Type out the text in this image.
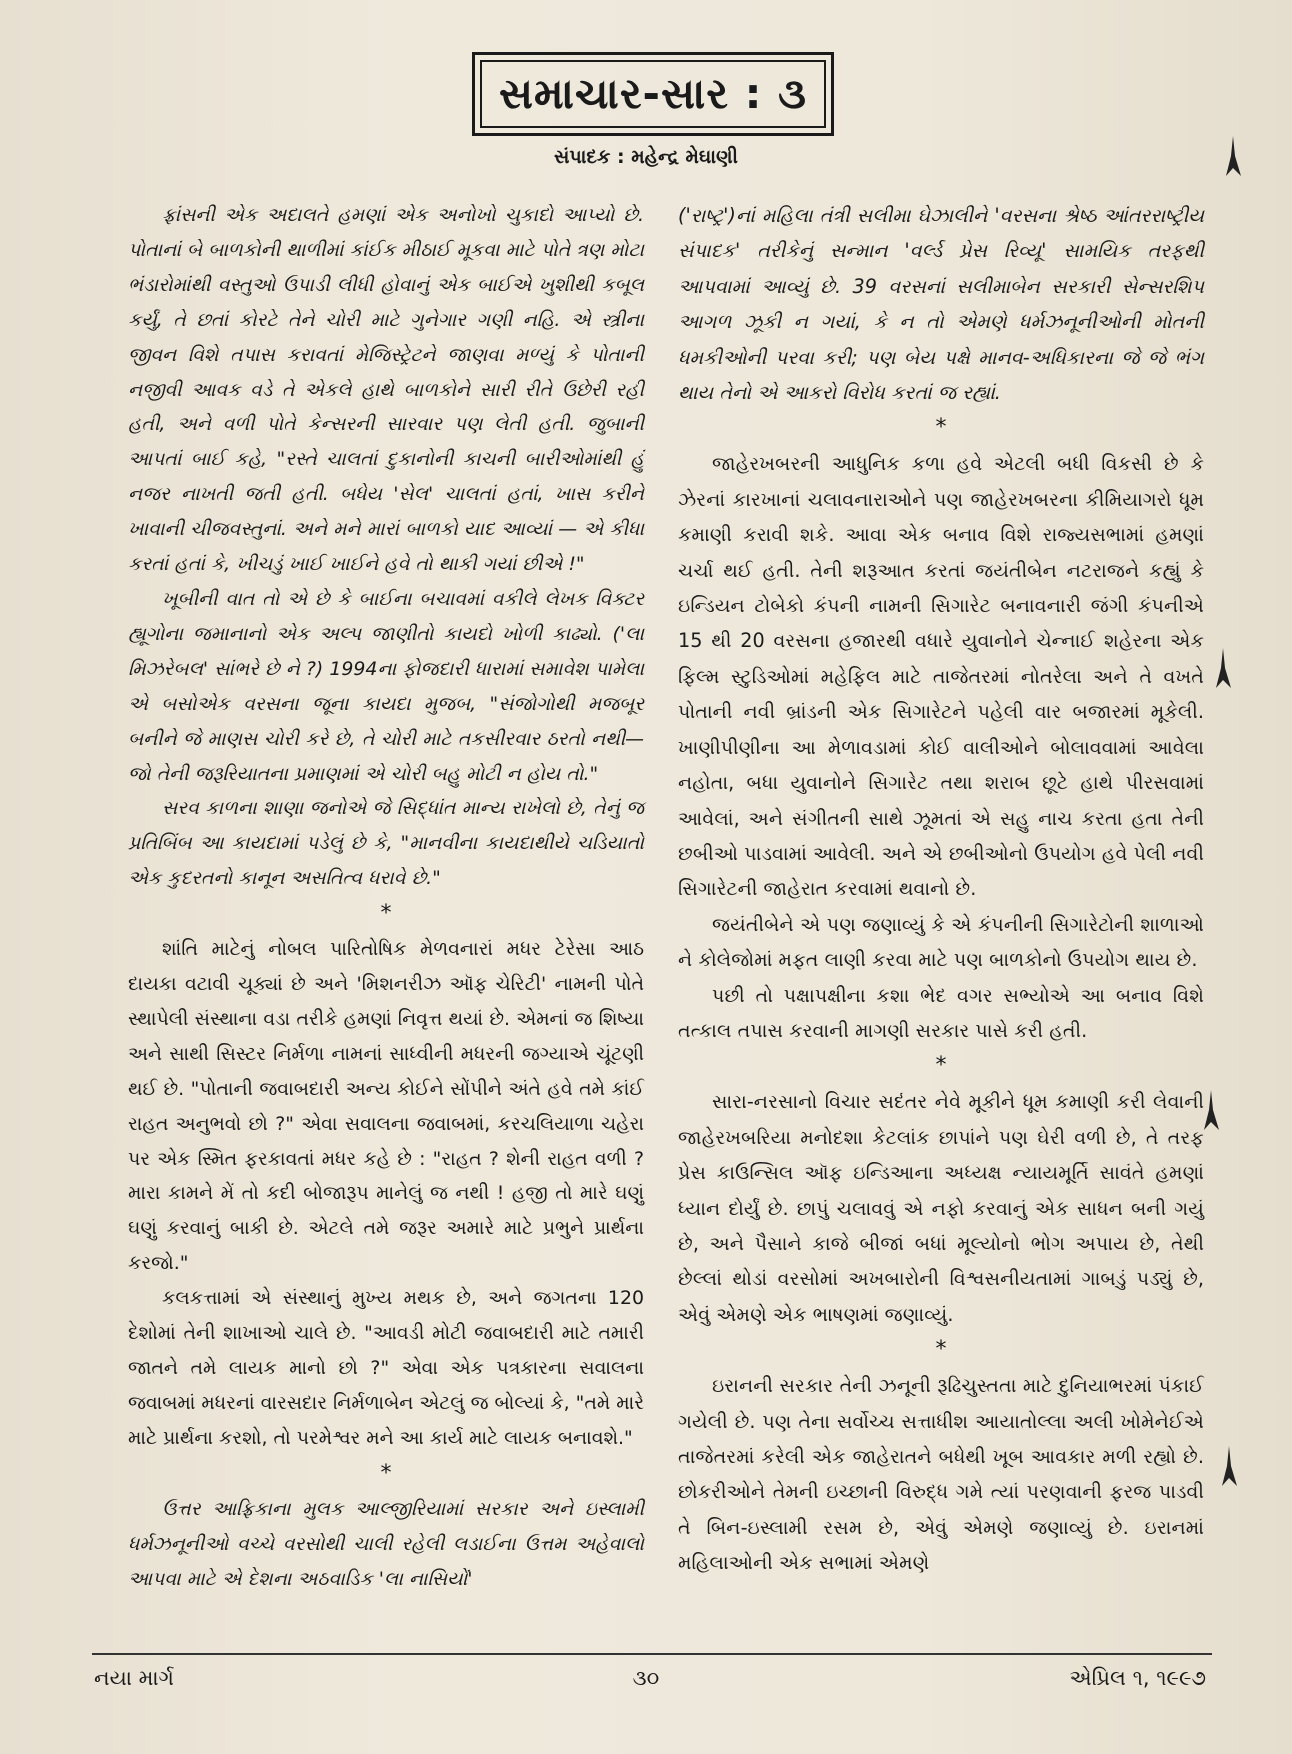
સમાચાર-સાર : ૩
સંપાદક : મહેન્દ્ર મેઘાણી

ફ્રાંસની એક અદાલતે હમણાં એક અનોખો ચુકાદો આપ્યો છે. પોતાનાં બે બાળકોની થાળીમાં કાંઈક મીઠાઈ મૂકવા માટે પોતે ત્રણ મોટા ભંડારોમાંથી વસ્તુઓ ઉપાડી લીધી હોવાનું એક બાઈએ ખુશીથી કબૂલ કર્યું, તે છતાં કોરટે તેને ચોરી માટે ગુનેગાર ગણી નહિ. એ સ્ત્રીના જીવન વિશે તપાસ કરાવતાં મેજિસ્ટ્રેટને જાણવા મળ્યું કે પોતાની નજીવી આવક વડે તે એકલે હાથે બાળકોને સારી રીતે ઉછેરી રહી હતી, અને વળી પોતે કેન્સરની સારવાર પણ લેતી હતી. જુબાની આપતાં બાઈ કહે, "રસ્તે ચાલતાં દુકાનોની કાચની બારીઓમાંથી હું નજર નાખતી જતી હતી. બધેય 'સેલ' ચાલતાં હતાં, ખાસ કરીને ખાવાની ચીજવસ્તુનાં. અને મને મારાં બાળકો યાદ આવ્યાં — એ કીધા કરતાં હતાં કે, ખીચડું ખાઈ ખાઈને હવે તો થાકી ગયાં છીએ !"

ખૂબીની વાત તો એ છે કે બાઈના બચાવમાં વકીલે લેખક વિક્ટર હ્યૂગોના જમાનાનો એક અલ્પ જાણીતો કાયદો ખોળી કાઢ્યો. ('લા મિઝરેબલ' સાંભરે છે ને ?) 1994ના ફોજદારી ધારામાં સમાવેશ પામેલા એ બસોએક વરસના જૂના કાયદા મુજબ, "સંજોગોથી મજબૂર બનીને જે માણસ ચોરી કરે છે, તે ચોરી માટે તકસીરવાર ઠરતો નથી— જો તેની જરૂરિયાતના પ્રમાણમાં એ ચોરી બહુ મોટી ન હોય તો."

સરવ કાળના શાણા જનોએ જે સિદ્ધાંત માન્ય રાખેલો છે, તેનું જ પ્રતિબિંબ આ કાયદામાં પડેલું છે કે, "માનવીના કાયદાથીયે ચડિયાતો એક કુદરતનો કાનૂન અસતિત્વ ધરાવે છે."

*

શાંતિ માટેનું નોબલ પારિતોષિક મેળવનારાં મધર ટેરેસા આઠ દાયકા વટાવી ચૂક્યાં છે અને 'મિશનરીઝ ઑફ ચેરિટી' નામની પોતે સ્થાપેલી સંસ્થાના વડા તરીકે હમણાં નિવૃત્ત થયાં છે. એમનાં જ શિષ્યા અને સાથી સિસ્ટર નિર્મળા નામનાં સાધ્વીની મધરની જગ્યાએ ચૂંટણી થઈ છે. "પોતાની જવાબદારી અન્ય કોઈને સોંપીને અંતે હવે તમે કાંઈ રાહત અનુભવો છો ?" એવા સવાલના જવાબમાં, કરચલિયાળા ચહેરા પર એક સ્મિત ફરકાવતાં મધર કહે છે : "રાહત ? શેની રાહત વળી ? મારા કામને મેં તો કદી બોજારૂપ માનેલું જ નથી ! હજી તો મારે ઘણું ઘણું કરવાનું બાકી છે. એટલે તમે જરૂર અમારે માટે પ્રભુને પ્રાર્થના કરજો."

કલકત્તામાં એ સંસ્થાનું મુખ્ય મથક છે, અને જગતના 120 દેશોમાં તેની શાખાઓ ચાલે છે. "આવડી મોટી જવાબદારી માટે તમારી જાતને તમે લાયક માનો છો ?" એવા એક પત્રકારના સવાલના જવાબમાં મધરનાં વારસદાર નિર્મળાબેન એટલું જ બોલ્યાં કે, "તમે મારે માટે પ્રાર્થના કરશો, તો પરમેશ્વર મને આ કાર્ય માટે લાયક બનાવશે."

*

ઉત્તર આફ્રિકાના મુલક આલ્જીરિયામાં સરકાર અને ઇસ્લામી ધર્મઝનૂનીઓ વચ્ચે વરસોથી ચાલી રહેલી લડાઈના ઉત્તમ અહેવાલો આપવા માટે એ દેશના અઠવાડિક 'લા નાસિયોં'

('રાષ્ટ્ર')નાં મહિલા તંત્રી સલીમા ઘેઝાલીને 'વરસના શ્રેષ્ઠ આંતરરાષ્ટ્રીય સંપાદક' તરીકેનું સન્માન 'વર્લ્ડ પ્રેસ રિવ્યૂ' સામયિક તરફથી આપવામાં આવ્યું છે. 39 વરસનાં સલીમાબેન સરકારી સેન્સરશિપ આગળ ઝૂકી ન ગયાં, કે ન તો એમણે ધર્મઝનૂનીઓની મોતની ધમકીઓની પરવા કરી; પણ બેય પક્ષે માનવ-અધિકારના જે જે ભંગ થાય તેનો એ આકરો વિરોધ કરતાં જ રહ્યાં.

*

જાહેરખબરની આધુનિક કળા હવે એટલી બધી વિકસી છે કે ઝેરનાં કારખાનાં ચલાવનારાઓને પણ જાહેરખબરના કીમિયાગરો ધૂમ કમાણી કરાવી શકે. આવા એક બનાવ વિશે રાજ્યસભામાં હમણાં ચર્ચા થઈ હતી. તેની શરૂઆત કરતાં જયંતીબેન નટરાજને કહ્યું કે ઇન્ડિયન ટોબેકો કંપની નામની સિગારેટ બનાવનારી જંગી કંપનીએ 15 થી 20 વરસના હજારથી વધારે યુવાનોને ચેન્નાઈ શહેરના એક ફિલ્મ સ્ટુડિઓમાં મહેફિલ માટે તાજેતરમાં નોતરેલા અને તે વખતે પોતાની નવી બ્રાંડની એક સિગારેટને પહેલી વાર બજારમાં મૂકેલી. ખાણીપીણીના આ મેળાવડામાં કોઈ વાલીઓને બોલાવવામાં આવેલા નહોતા, બધા યુવાનોને સિગારેટ તથા શરાબ છૂટે હાથે પીરસવામાં આવેલાં, અને સંગીતની સાથે ઝૂમતાં એ સહુ નાચ કરતા હતા તેની છબીઓ પાડવામાં આવેલી. અને એ છબીઓનો ઉપયોગ હવે પેલી નવી સિગારેટની જાહેરાત કરવામાં થવાનો છે.

જયંતીબેને એ પણ જણાવ્યું કે એ કંપનીની સિગારેટોની શાળાઓ ને કોલેજોમાં મફત લાણી કરવા માટે પણ બાળકોનો ઉપયોગ થાય છે.

પછી તો પક્ષાપક્ષીના કશા ભેદ વગર સભ્યોએ આ બનાવ વિશે તત્કાલ તપાસ કરવાની માગણી સરકાર પાસે કરી હતી.

*

સારા-નરસાનો વિચાર સદંતર નેવે મૂકીને ધૂમ કમાણી કરી લેવાની જાહેરખબરિયા મનોદશા કેટલાંક છાપાંને પણ ઘેરી વળી છે, તે તરફ પ્રેસ કાઉન્સિલ ઑફ ઇન્ડિઆના અધ્યક્ષ ન્યાયમૂર્તિ સાવંતે હમણાં ધ્યાન દોર્યું છે. છાપું ચલાવવું એ નફો કરવાનું એક સાધન બની ગયું છે, અને પૈસાને કાજે બીજાં બધાં મૂલ્યોનો ભોગ અપાય છે, તેથી છેલ્લાં થોડાં વરસોમાં અખબારોની વિશ્વસનીયતામાં ગાબડું પડ્યું છે, એવું એમણે એક ભાષણમાં જણાવ્યું.

*

ઇરાનની સરકાર તેની ઝનૂની રૂઢિચુસ્તતા માટે દુનિયાભરમાં પંકાઈ ગયેલી છે. પણ તેના સર્વોચ્ચ સત્તાધીશ આયાતોલ્લા અલી ખોમેનેઈએ તાજેતરમાં કરેલી એક જાહેરાતને બધેથી ખૂબ આવકાર મળી રહ્યો છે. છોકરીઓને તેમની ઇચ્છાની વિરુદ્ધ ગમે ત્યાં પરણવાની ફરજ પાડવી તે બિન-ઇસ્લામી રસમ છે, એવું એમણે જણાવ્યું છે. ઇરાનમાં મહિલાઓની એક સભામાં એમણે

નયા માર્ગ	૩૦	એપ્રિલ ૧, ૧૯૯૭
